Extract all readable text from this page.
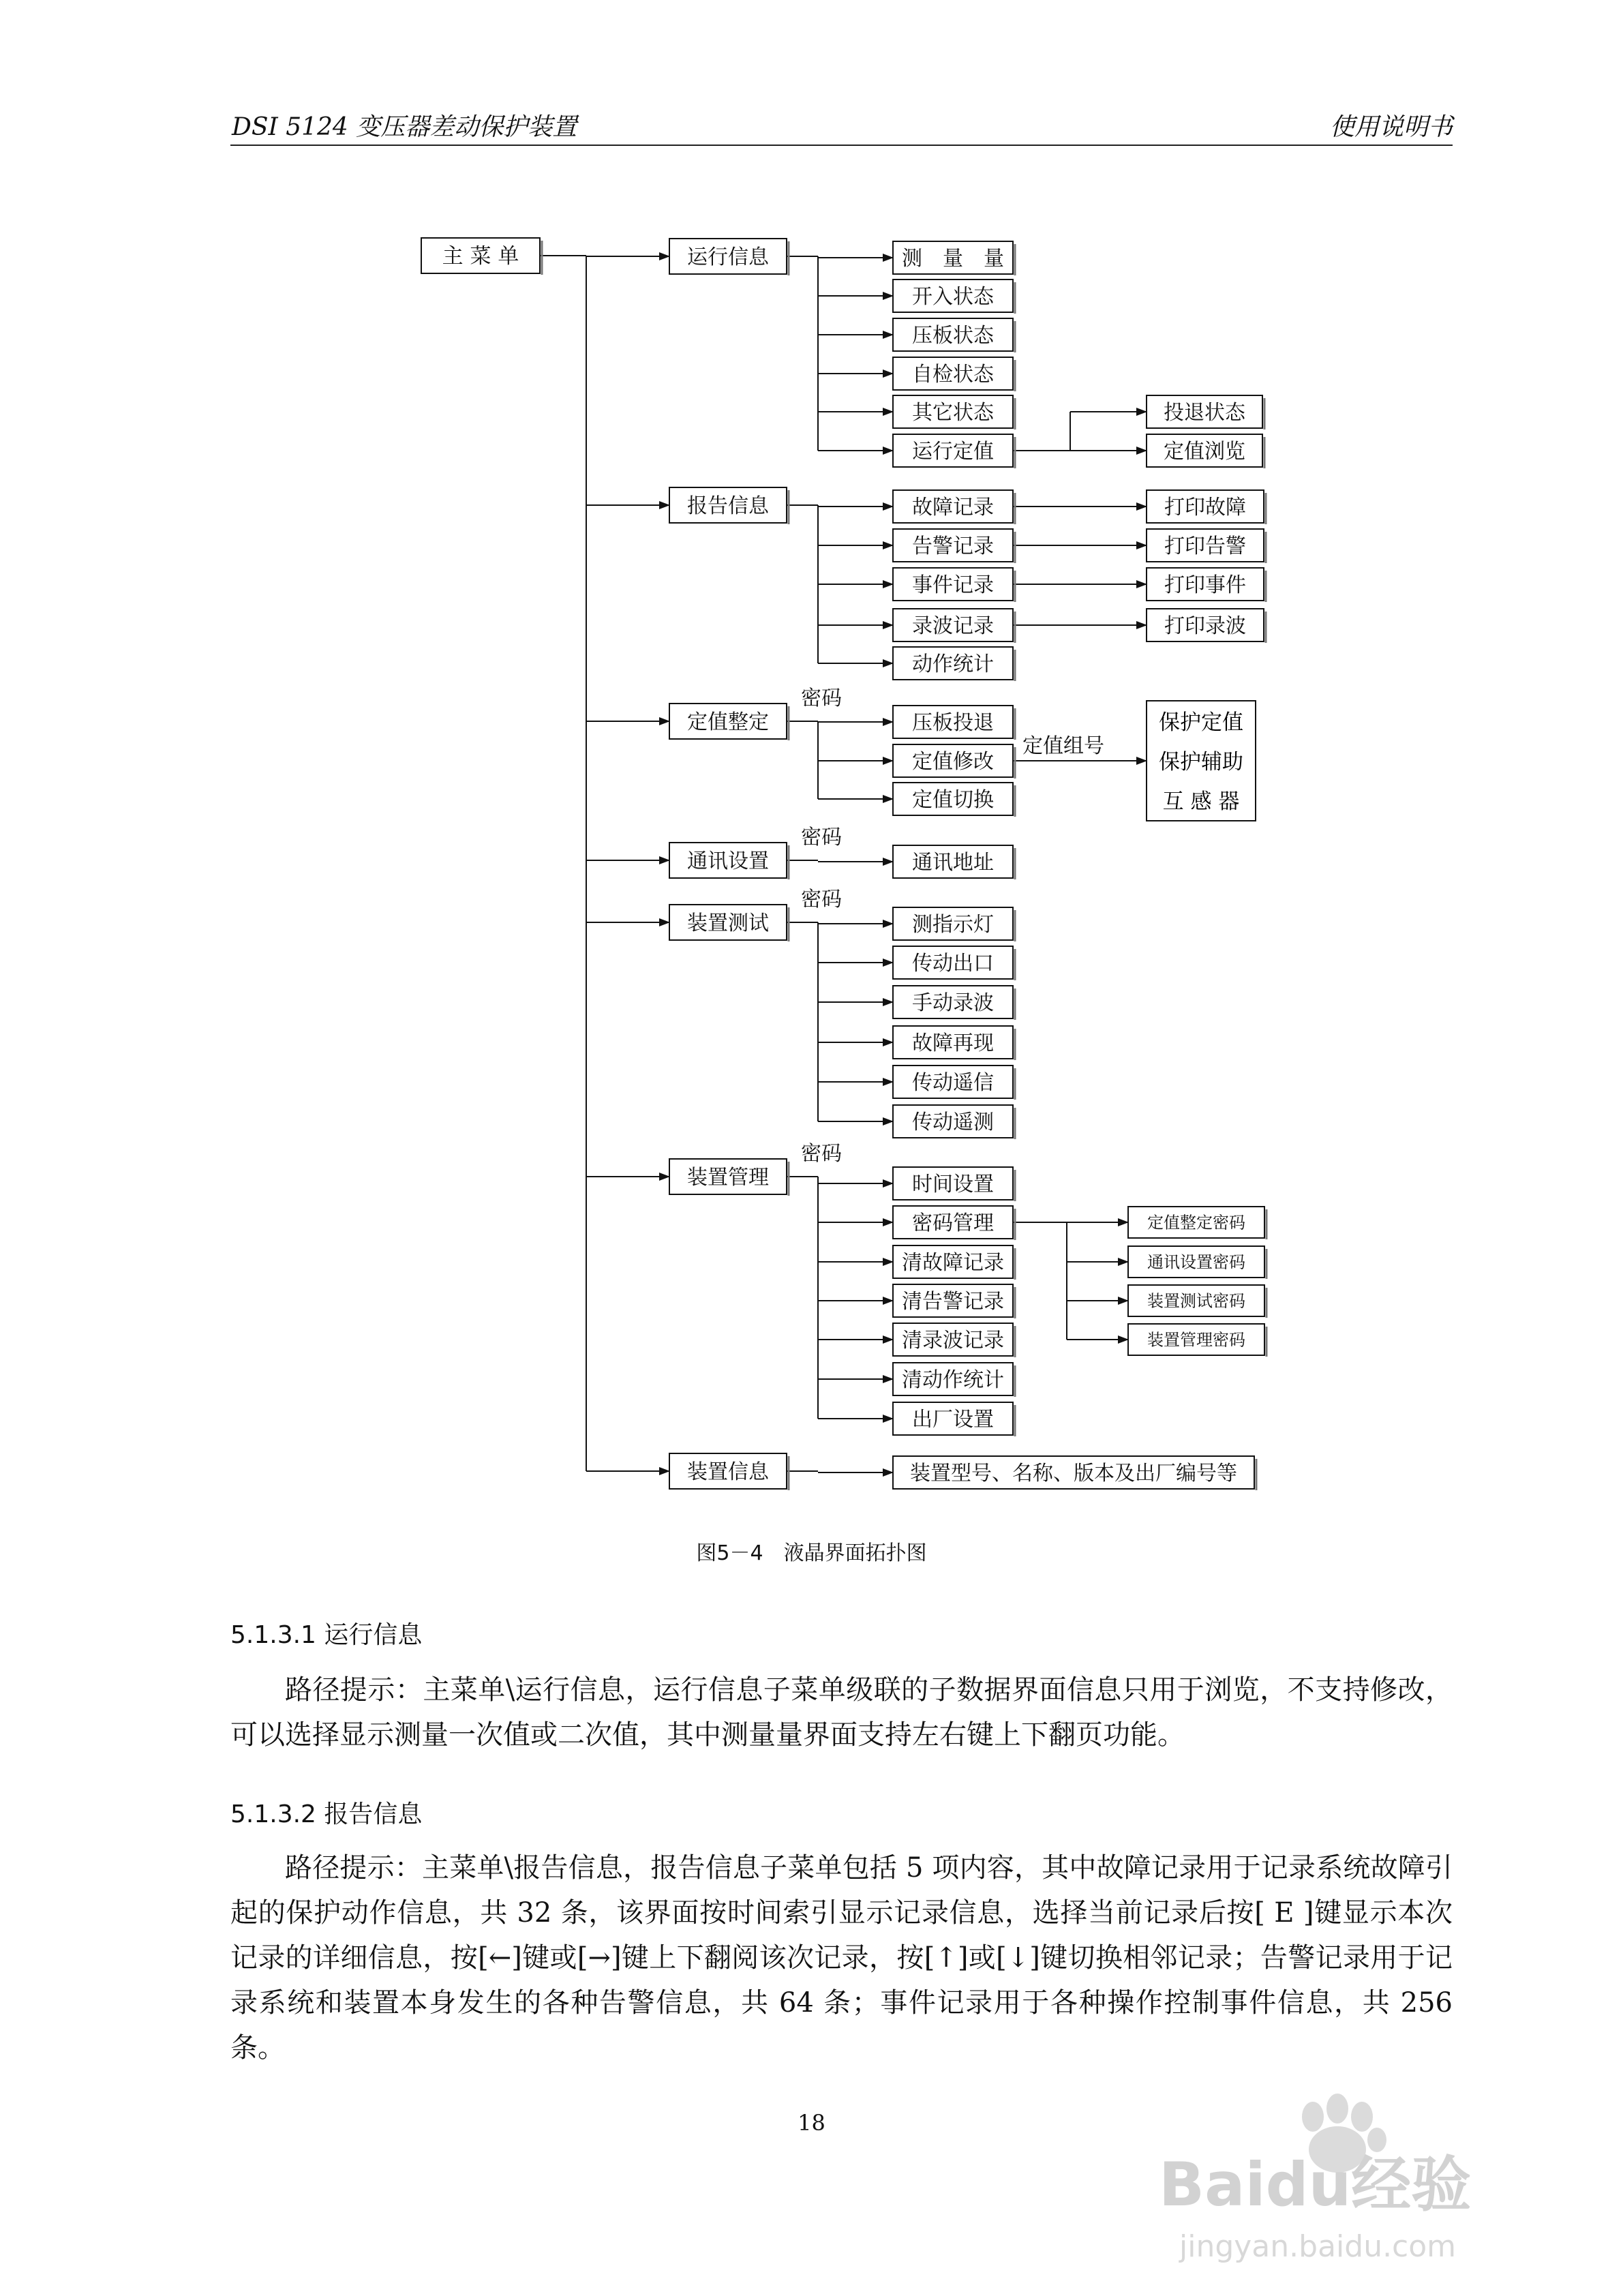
DSI 5124 变压器差动保护装置	使用说明书
主 菜 单	运行信息	测　量　量
开入状态
压板状态
自检状态
其它状态
运行定值
报告信息	故障记录
告警记录
事件记录
录波记录
动作统计
定值整定	压板投退
定值修改
定值切换
密码
通讯设置	通讯地址
密码
装置测试	测指示灯
传动出口
手动录波
故障再现
传动遥信
传动遥测
密码
装置管理	时间设置
密码管理
清故障记录
清告警记录
清录波记录
清动作统计
出厂设置
密码
装置信息	装置型号、名称、版本及出厂编号等
投退状态
定值浏览
打印故障
打印告警
打印事件
打印录波
定值组号
保护定值
保护辅助
互 感 器
定值整定密码
通讯设置密码
装置测试密码
装置管理密码
图5－4　液晶界面拓扑图
5.1.3.1 运行信息
路径提示：主菜单\运行信息，运行信息子菜单级联的子数据界面信息只用于浏览，不支持修改，可以选择显示测量一次值或二次值，其中测量量界面支持左右键上下翻页功能。
5.1.3.2 报告信息
路径提示：主菜单\报告信息，报告信息子菜单包括 5 项内容，其中故障记录用于记录系统故障引起的保护动作信息，共 32 条，该界面按时间索引显示记录信息，选择当前记录后按[ E ]键显示本次记录的详细信息，按[←]键或[→]键上下翻阅该次记录，按[↑]或[↓]键切换相邻记录；告警记录用于记录系统和装置本身发生的各种告警信息，共 64 条；事件记录用于各种操作控制事件信息，共 256 条。
18
Baidu经验
jingyan.baidu.com
